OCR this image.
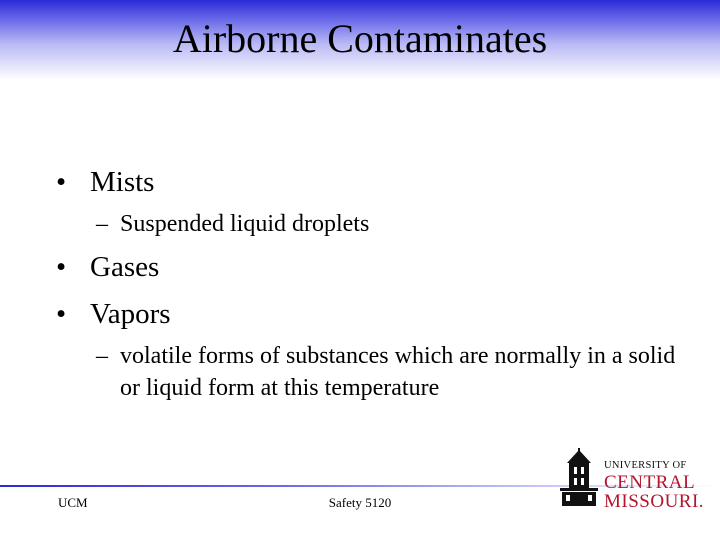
Airborne Contaminates
• Mists
– Suspended liquid droplets
• Gases
• Vapors
– volatile forms of substances which are normally in a solid or liquid form at this temperature
UCM	Safety 5120
UNIVERSITY OF
CENTRAL
MISSOURI.
